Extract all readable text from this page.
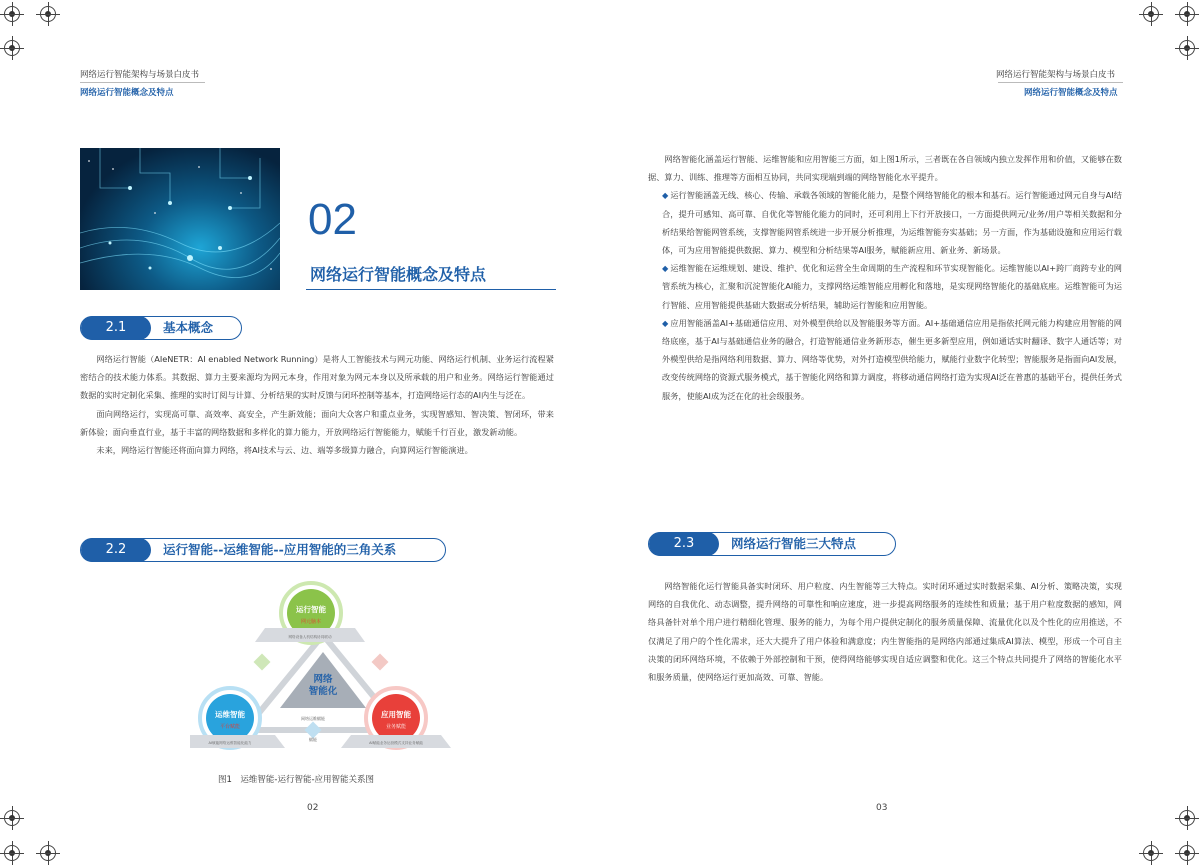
网络运行智能架构与场景白皮书
网络运行智能概念及特点
02
网络运行智能概念及特点
2.1	基本概念

网络运行智能（AIeNETR：AI enabled Network Running）是将人工智能技术与网元功能、网络运行机制、业务运行流程紧密结合的技术能力体系。其数据、算力主要来源均为网元本身，作用对象为网元本身以及所承载的用户和业务。网络运行智能通过数据的实时定制化采集、推理的实时订阅与计算、分析结果的实时反馈与闭环控制等基本，打造网络运行态的AI内生与泛在。

面向网络运行，实现高可靠、高效率、高安全，产生新效能；面向大众客户和重点业务，实现智感知、智决策、智闭环，带来新体验；面向垂直行业，基于丰富的网络数据和多样化的算力能力，开放网络运行智能能力，赋能千行百业，激发新动能。

未来，网络运行智能还将面向算力网络，将AI技术与云、边、端等多级算力融合，向算网运行智能演进。

2.2	运行智能--运维智能--应用智能的三角关系
运行智能
网元脑本
网络设备人机结构协同联动
运维智能
平台赋能
AI赋能网络运维智能化能力
应用智能
业务赋能
AI赋能业务运营模式支持业务赋能
网络
智能化
网络运维赋能
赋能
图1　运维智能-运行智能-应用智能关系图
02
网络运行智能架构与场景白皮书
网络运行智能概念及特点

网络智能化涵盖运行智能、运维智能和应用智能三方面，如上图1所示，三者既在各自领域内独立发挥作用和价值，又能够在数据、算力、训练、推理等方面相互协同，共同实现端到端的网络智能化水平提升。

◆ 运行智能涵盖无线、核心、传输、承载各领域的智能化能力，是整个网络智能化的根本和基石。运行智能通过网元自身与AI结合，提升可感知、高可靠、自优化等智能化能力的同时，还可利用上下行开放接口，一方面提供网元/业务/用户等相关数据和分析结果给智能网管系统，支撑智能网管系统进一步开展分析推理，为运维智能夯实基础；另一方面，作为基础设施和应用运行载体，可为应用智能提供数据、算力、模型和分析结果等AI服务，赋能新应用、新业务、新场景。

◆ 运维智能在运维规划、建设、维护、优化和运营全生命周期的生产流程和环节实现智能化。运维智能以AI+跨厂商跨专业的网管系统为核心，汇聚和沉淀智能化AI能力，支撑网络运维智能应用孵化和落地，是实现网络智能化的基础底座。运维智能可为运行智能、应用智能提供基础大数据或分析结果，辅助运行智能和应用智能。

◆ 应用智能涵盖AI+基础通信应用、对外模型供给以及智能服务等方面。AI+基础通信应用是指依托网元能力构建应用智能的网络底座，基于AI与基础通信业务的融合，打造智能通信业务新形态，催生更多新型应用，例如通话实时翻译、数字人通话等；对外模型供给是指网络利用数据、算力、网络等优势，对外打造模型供给能力，赋能行业数字化转型；智能服务是指面向AI发展，改变传统网络的资源式服务模式，基于智能化网络和算力调度，将移动通信网络打造为实现AI泛在普惠的基础平台，提供任务式服务，使能AI成为泛在化的社会级服务。

2.3	网络运行智能三大特点

网络智能化运行智能具备实时闭环、用户粒度、内生智能等三大特点。实时闭环通过实时数据采集、AI分析、策略决策，实现网络的自我优化、动态调整，提升网络的可靠性和响应速度，进一步提高网络服务的连续性和质量；基于用户粒度数据的感知，网络具备针对单个用户进行精细化管理、服务的能力，为每个用户提供定制化的服务质量保障、流量优化以及个性化的应用推送，不仅满足了用户的个性化需求，还大大提升了用户体验和满意度；内生智能指的是网络内部通过集成AI算法、模型，形成一个可自主决策的闭环网络环境，不依赖于外部控制和干预，使得网络能够实现自适应调整和优化。这三个特点共同提升了网络的智能化水平和服务质量，使网络运行更加高效、可靠、智能。

03
